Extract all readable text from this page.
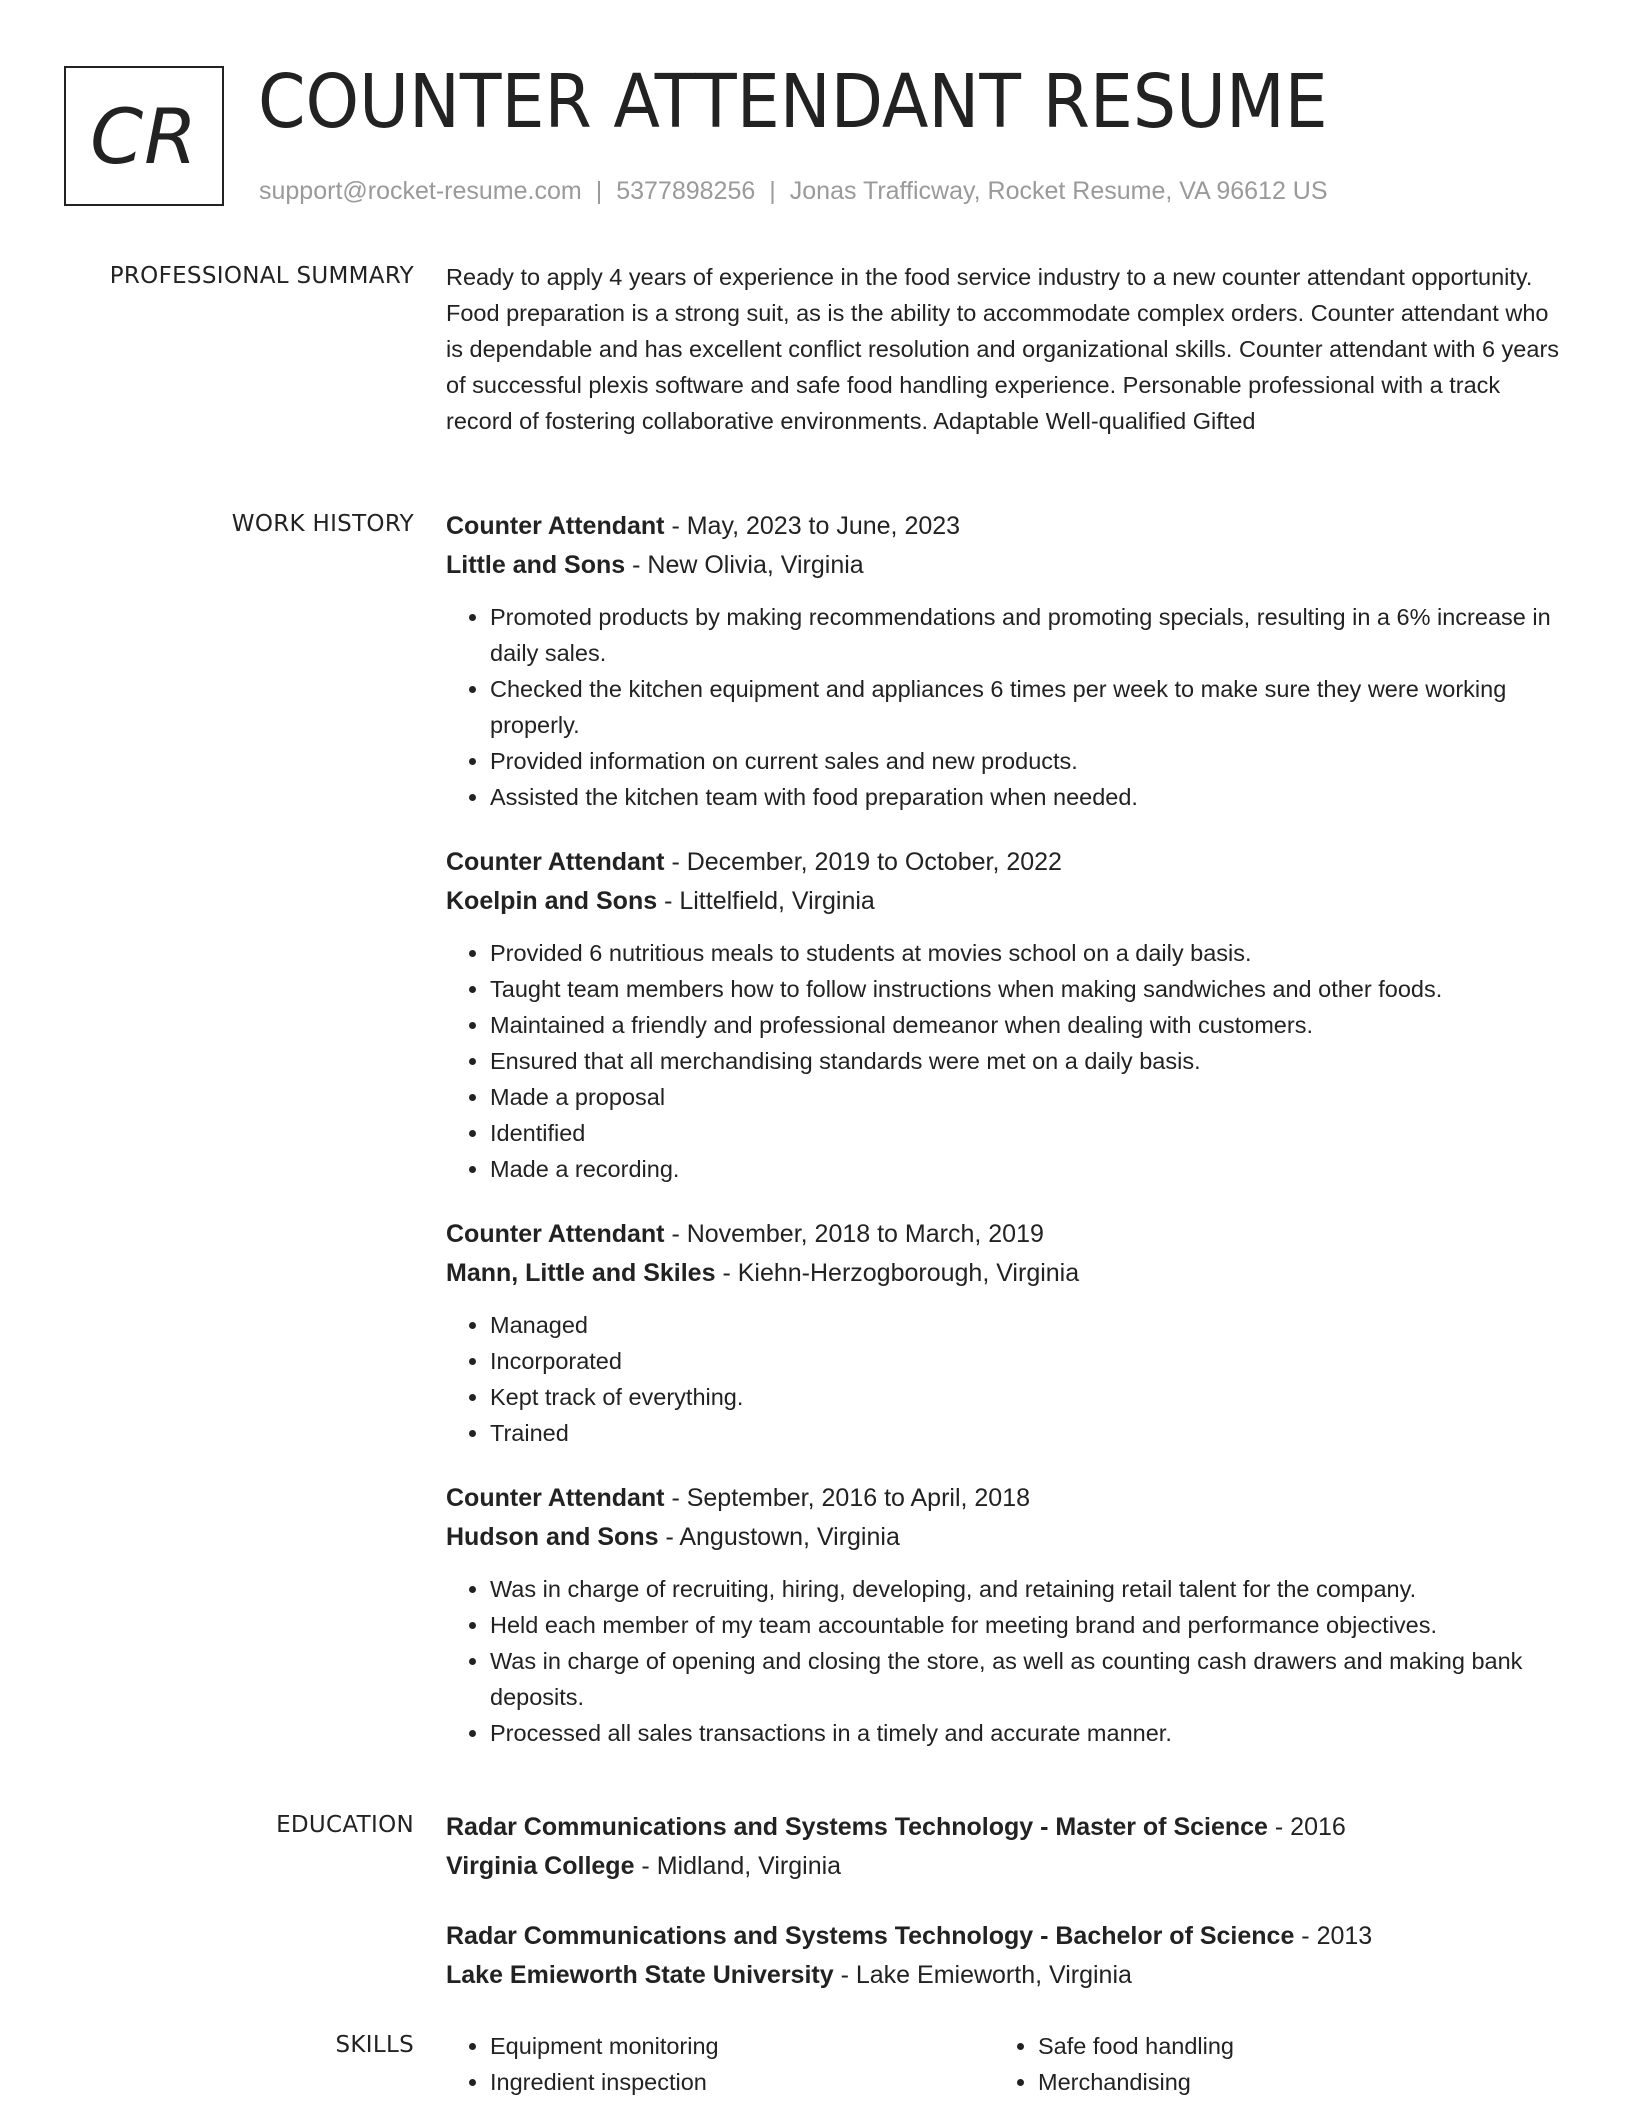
CR COUNTER ATTENDANT RESUME
support@rocket-resume.com | 5377898256 | Jonas Trafficway, Rocket Resume, VA 96612 US
PROFESSIONAL SUMMARY Ready to apply 4 years of experience in the food service industry to a new counter attendant opportunity. Food preparation is a strong suit, as is the ability to accommodate complex orders. Counter attendant who is dependable and has excellent conflict resolution and organizational skills. Counter attendant with 6 years of successful plexis software and safe food handling experience. Personable professional with a track record of fostering collaborative environments. Adaptable Well-qualified Gifted

WORK HISTORY Counter Attendant - May, 2023 to June, 2023
Little and Sons - New Olivia, Virginia
• Promoted products by making recommendations and promoting specials, resulting in a 6% increase in daily sales.
• Checked the kitchen equipment and appliances 6 times per week to make sure they were working properly.
• Provided information on current sales and new products.
• Assisted the kitchen team with food preparation when needed.
Counter Attendant - December, 2019 to October, 2022
Koelpin and Sons - Littelfield, Virginia
• Provided 6 nutritious meals to students at movies school on a daily basis.
• Taught team members how to follow instructions when making sandwiches and other foods.
• Maintained a friendly and professional demeanor when dealing with customers.
• Ensured that all merchandising standards were met on a daily basis.
• Made a proposal
• Identified
• Made a recording.
Counter Attendant - November, 2018 to March, 2019
Mann, Little and Skiles - Kiehn-Herzogborough, Virginia
• Managed
• Incorporated
• Kept track of everything.
• Trained
Counter Attendant - September, 2016 to April, 2018
Hudson and Sons - Angustown, Virginia
• Was in charge of recruiting, hiring, developing, and retaining retail talent for the company.
• Held each member of my team accountable for meeting brand and performance objectives.
• Was in charge of opening and closing the store, as well as counting cash drawers and making bank deposits.
• Processed all sales transactions in a timely and accurate manner.
EDUCATION Radar Communications and Systems Technology - Master of Science - 2016
Virginia College - Midland, Virginia
Radar Communications and Systems Technology - Bachelor of Science - 2013
Lake Emieworth State University - Lake Emieworth, Virginia
SKILLS
•	Equipment monitoring
• Ingredient inspection
• Safe food handling
• Merchandising
